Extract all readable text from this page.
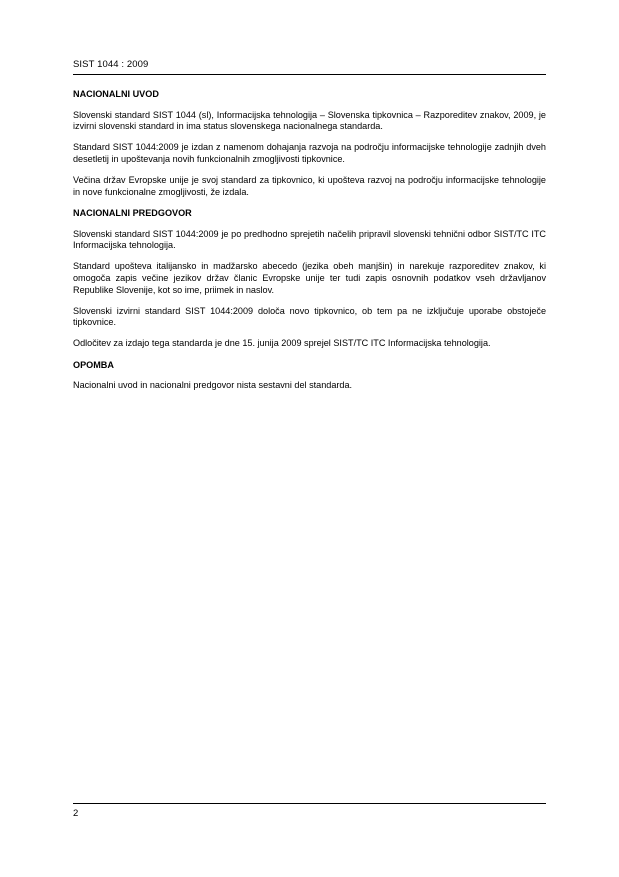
SIST 1044 : 2009
NACIONALNI UVOD

Slovenski standard SIST 1044 (sl), Informacijska tehnologija – Slovenska tipkovnica – Razporeditev znakov, 2009, je izvirni slovenski standard in ima status slovenskega nacionalnega standarda.

Standard SIST 1044:2009 je izdan z namenom dohajanja razvoja na področju informacijske tehnologije zadnjih dveh desetletij in upoštevanja novih funkcionalnih zmogljivosti tipkovnice.

Večina držav Evropske unije je svoj standard za tipkovnico, ki upošteva razvoj na področju informacijske tehnologije in nove funkcionalne zmogljivosti, že izdala.

NACIONALNI PREDGOVOR

Slovenski standard SIST 1044:2009 je po predhodno sprejetih načelih pripravil slovenski tehnični odbor SIST/TC ITC Informacijska tehnologija.

Standard upošteva italijansko in madžarsko abecedo (jezika obeh manjšin) in narekuje razporeditev znakov, ki omogoča zapis večine jezikov držav članic Evropske unije ter tudi zapis osnovnih podatkov vseh državljanov Republike Slovenije, kot so ime, priimek in naslov.

Slovenski izvirni standard SIST 1044:2009 določa novo tipkovnico, ob tem pa ne izključuje uporabe obstoječe tipkovnice.

Odločitev za izdajo tega standarda je dne 15. junija 2009 sprejel SIST/TC ITC Informacijska tehnologija.

OPOMBA

Nacionalni uvod in nacionalni predgovor nista sestavni del standarda.

2
